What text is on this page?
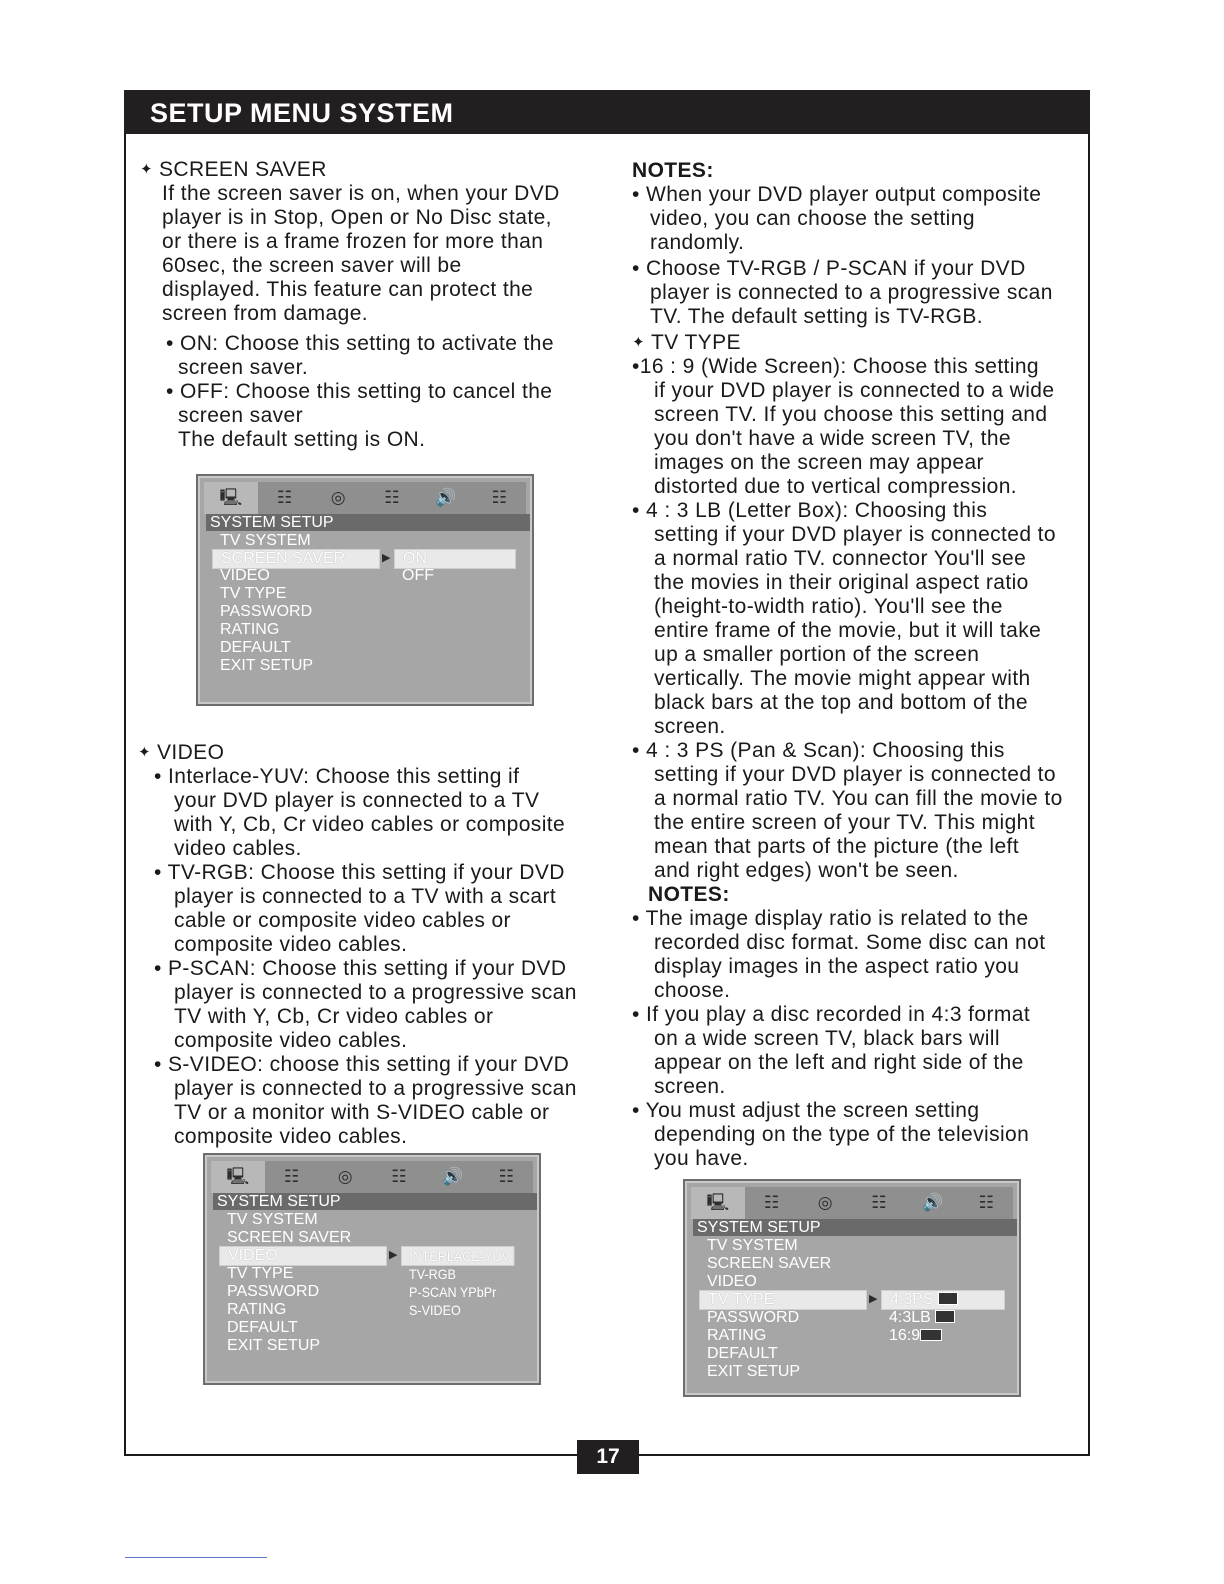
SETUP MENU SYSTEM

✦ SCREEN SAVER

If the screen saver is on, when your DVD
player is in Stop, Open or No Disc state,
or there is a frame frozen for more than
60sec, the screen saver will be
displayed. This feature can protect the
screen from damage.
• ON: Choose this setting to activate the
screen saver.
• OFF: Choose this setting to cancel the
screen saver
The default setting is ON.
🖳	☷	◎	☷	🔊	☷
SYSTEM SETUP
TV SYSTEM
SCREEN SAVER	▶
VIDEO
TV TYPE
PASSWORD
RATING
DEFAULT
EXIT SETUP
ON
OFF

✦ VIDEO

• Interlace-YUV: Choose this setting if
your DVD player is connected to a TV
with Y, Cb, Cr video cables or composite
video cables.
• TV-RGB: Choose this setting if your DVD
player is connected to a TV with a scart
cable or composite video cables or
composite video cables.
• P-SCAN: Choose this setting if your DVD
player is connected to a progressive scan
TV with Y, Cb, Cr video cables or
composite video cables.
• S-VIDEO: choose this setting if your DVD
player is connected to a progressive scan
TV or a monitor with S-VIDEO cable or
composite video cables.
🖳	☷	◎	☷	🔊	☷
SYSTEM SETUP
TV SYSTEM
SCREEN SAVER
VIDEO	▶
TV TYPE
PASSWORD
RATING
DEFAULT
EXIT SETUP
INTERLACE-YUV
TV-RGB
P-SCAN YPbPr
S-VIDEO

NOTES:

• When your DVD player output composite
video, you can choose the setting
randomly.
• Choose TV-RGB / P-SCAN if your DVD
player is connected to a progressive scan
TV. The default setting is TV-RGB.

✦ TV TYPE

•16 : 9 (Wide Screen): Choose this setting
if your DVD player is connected to a wide
screen TV. If you choose this setting and
you don't have a wide screen TV, the
images on the screen may appear
distorted due to vertical compression.
• 4 : 3 LB (Letter Box): Choosing this
setting if your DVD player is connected to
a normal ratio TV. connector You'll see
the movies in their original aspect ratio
(height-to-width ratio). You'll see the
entire frame of the movie, but it will take
up a smaller portion of the screen
vertically. The movie might appear with
black bars at the top and bottom of the
screen.
• 4 : 3 PS (Pan & Scan): Choosing this
setting if your DVD player is connected to
a normal ratio TV. You can fill the movie to
the entire screen of your TV. This might
mean that parts of the picture (the left
and right edges) won't be seen.

NOTES:

• The image display ratio is related to the
recorded disc format. Some disc can not
display images in the aspect ratio you
choose.
• If you play a disc recorded in 4:3 format
on a wide screen TV, black bars will
appear on the left and right side of the
screen.
• You must adjust the screen setting
depending on the type of the television
you have.
🖳	☷	◎	☷	🔊	☷
SYSTEM SETUP
TV SYSTEM
SCREEN SAVER
VIDEO
TV TYPE	▶
PASSWORD
RATING
DEFAULT
EXIT SETUP
4:3PS
4:3LB
16:9
17
